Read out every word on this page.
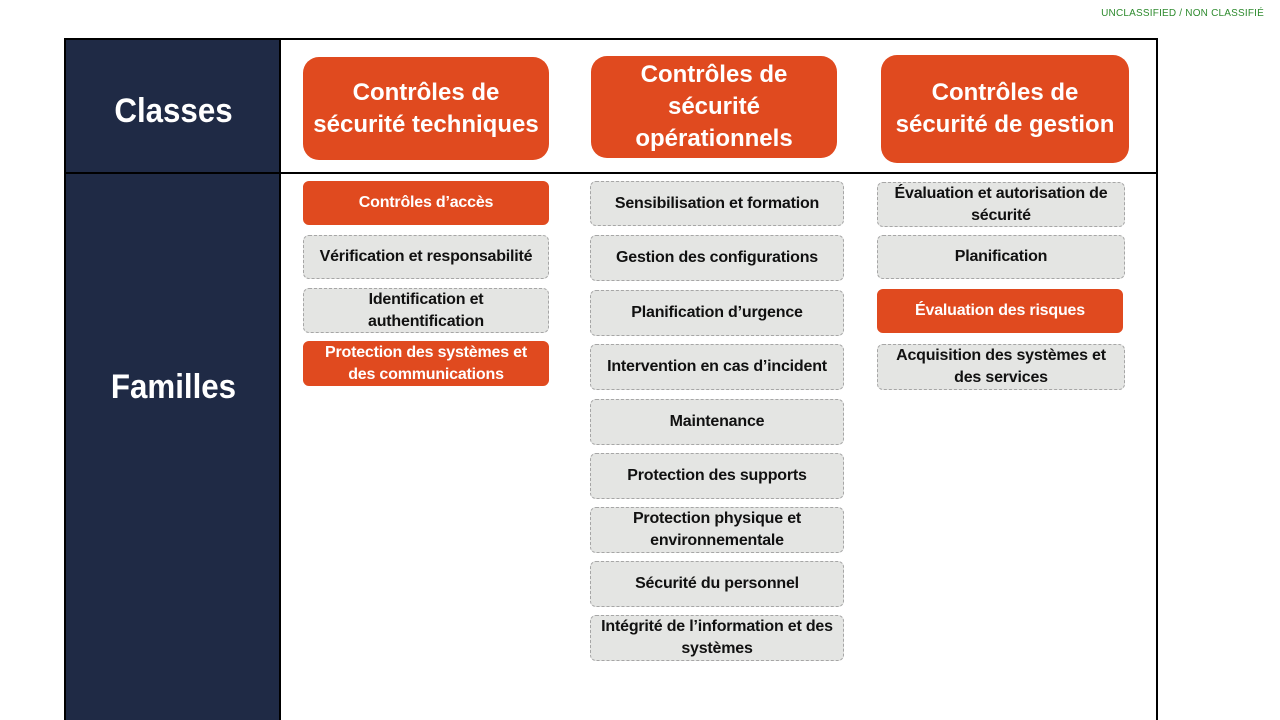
UNCLASSIFIED / NON CLASSIFIÉ
Classes
Familles
Contrôles de sécurité techniques
Contrôles de sécurité opérationnels
Contrôles de sécurité de gestion
Contrôles d’accès
Vérification et responsabilité
Identification et authentification
Protection des systèmes et des communications
Sensibilisation et formation
Gestion des configurations
Planification d’urgence
Intervention en cas d’incident
Maintenance
Protection des supports
Protection physique et environnementale
Sécurité du personnel
Intégrité de l’information et des systèmes
Évaluation et autorisation de sécurité
Planification
Évaluation des risques
Acquisition des systèmes et des services
